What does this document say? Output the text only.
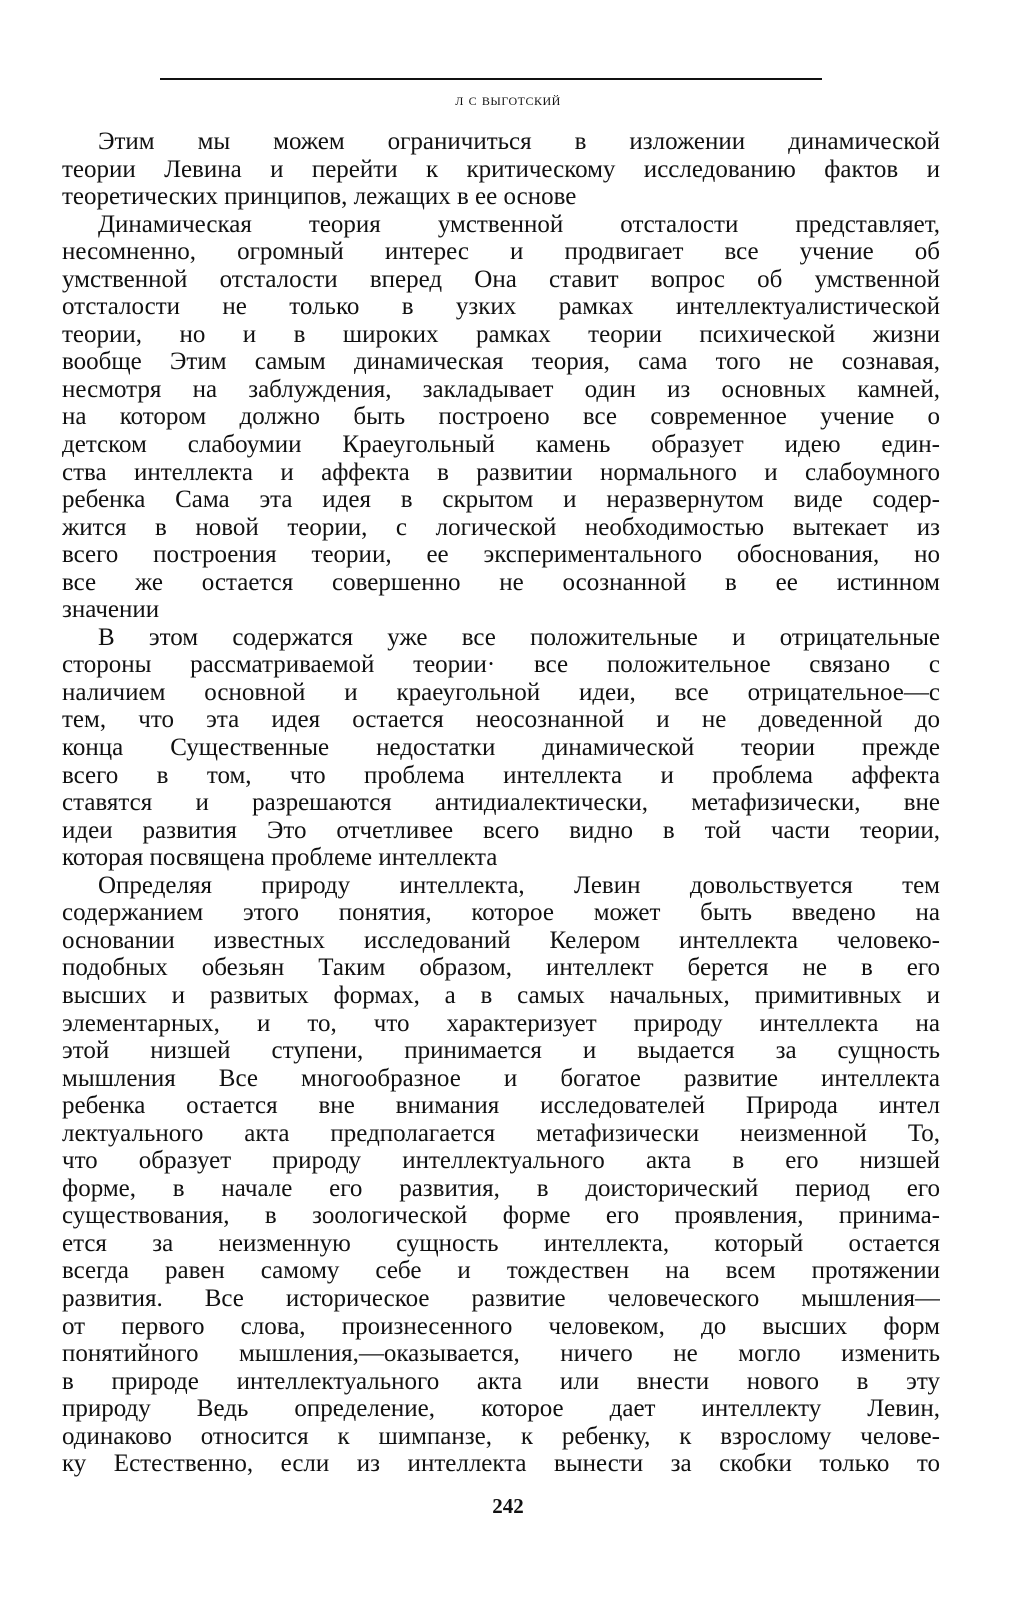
л с выготский
Этим мы можем ограничиться в изложении динамической
теории Левина и перейти к критическому исследованию фактов и
теоретических принципов, лежащих в ее основе
Динамическая теория умственной отсталости представляет,
несомненно, огромный интерес и продвигает все учение об
умственной отсталости вперед Она ставит вопрос об умственной
отсталости не только в узких рамках интеллектуалистической
теории, но и в широких рамках теории психической жизни
вообще Этим самым динамическая теория, сама того не сознавая,
несмотря на заблуждения, закладывает один из основных камней,
на котором должно быть построено все современное учение о
детском слабоумии Краеугольный камень образует идею един-
ства интеллекта и аффекта в развитии нормального и слабоумного
ребенка Сама эта идея в скрытом и неразвернутом виде содер-
жится в новой теории, с логической необходимостью вытекает из
всего построения теории, ее экспериментального обоснования, но
все же остается совершенно не осознанной в ее истинном
значении
В этом содержатся уже все положительные и отрицательные
стороны рассматриваемой теории· все положительное связано с
наличием основной и краеугольной идеи, все отрицательное—с
тем, что эта идея остается неосознанной и не доведенной до
конца Существенные недостатки динамической теории прежде
всего в том, что проблема интеллекта и проблема аффекта
ставятся и разрешаются антидиалектически, метафизически, вне
идеи развития Это отчетливее всего видно в той части теории,
которая посвящена проблеме интеллекта
Определяя природу интеллекта, Левин довольствуется тем
содержанием этого понятия, которое может быть введено на
основании известных исследований Келером интеллекта человеко-
подобных обезьян Таким образом, интеллект берется не в его
высших и развитых формах, а в самых начальных, примитивных и
элементарных, и то, что характеризует природу интеллекта на
этой низшей ступени, принимается и выдается за сущность
мышления Все многообразное и богатое развитие интеллекта
ребенка остается вне внимания исследователей Природа интел
лектуального акта предполагается метафизически неизменной То,
что образует природу интеллектуального акта в его низшей
форме, в начале его развития, в доисторический период его
существования, в зоологической форме его проявления, принима-
ется за неизменную сущность интеллекта, который остается
всегда равен самому себе и тождествен на всем протяжении
развития. Все историческое развитие человеческого мышления—
от первого слова, произнесенного человеком, до высших форм
понятийного мышления,—оказывается, ничего не могло изменить
в природе интеллектуального акта или внести нового в эту
природу Ведь определение, которое дает интеллекту Левин,
одинаково относится к шимпанзе, к ребенку, к взрослому челове-
ку Естественно, если из интеллекта вынести за скобки только то
242
